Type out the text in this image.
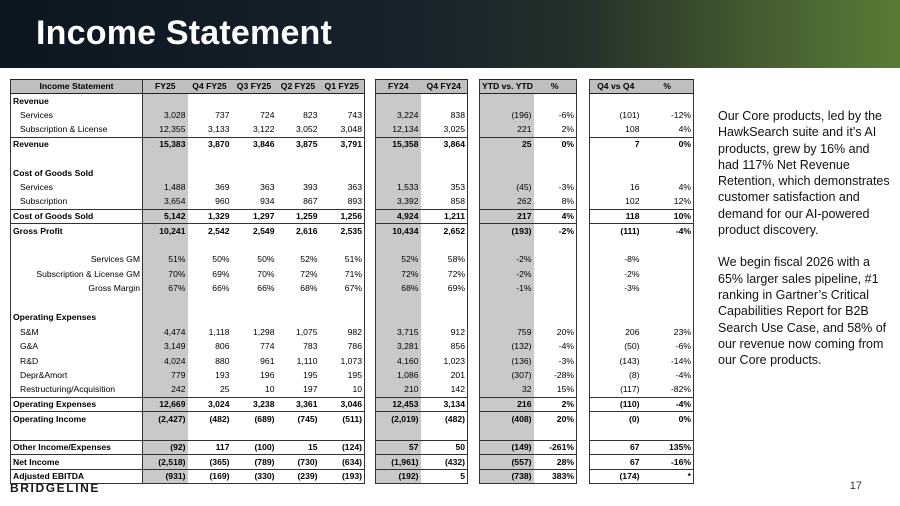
Income Statement
Income Statement	FY25	Q4 FY25	Q3 FY25	Q2 FY25	Q1 FY25		FY24	Q4 FY24		YTD vs. YTD	%		Q4 vs Q4	%
Revenue														
Services	3,028	737	724	823	743		3,224	838		(196)	-6%		(101)	-12%
Subscription & License	12,355	3,133	3,122	3,052	3,048		12,134	3,025		221	2%		108	4%
Revenue	15,383	3,870	3,846	3,875	3,791		15,358	3,864		25	0%		7	0%

Cost of Goods Sold														
Services	1,488	369	363	393	363		1,533	353		(45)	-3%		16	4%
Subscription	3,654	960	934	867	893		3,392	858		262	8%		102	12%
Cost of Goods Sold	5,142	1,329	1,297	1,259	1,256		4,924	1,211		217	4%		118	10%
Gross Profit	10,241	2,542	2,549	2,616	2,535		10,434	2,652		(193)	-2%		(111)	-4%

Services GM	51%	50%	50%	52%	51%		52%	58%		-2%			-8%	
Subscription & License GM	70%	69%	70%	72%	71%		72%	72%		-2%			-2%	
Gross Margin	67%	66%	66%	68%	67%		68%	69%		-1%			-3%	

Operating Expenses														
S&M	4,474	1,118	1,298	1,075	982		3,715	912		759	20%		206	23%
G&A	3,149	806	774	783	786		3,281	856		(132)	-4%		(50)	-6%
R&D	4,024	880	961	1,110	1,073		4,160	1,023		(136)	-3%		(143)	-14%
Depr&Amort	779	193	196	195	195		1,086	201		(307)	-28%		(8)	-4%
Restructuring/Acquisition	242	25	10	197	10		210	142		32	15%		(117)	-82%
Operating Expenses	12,669	3,024	3,238	3,361	3,046		12,453	3,134		216	2%		(110)	-4%
Operating Income	(2,427)	(482)	(689)	(745)	(511)		(2,019)	(482)		(408)	20%		(0)	0%

Other Income/Expenses	(92)	117	(100)	15	(124)		57	50		(149)	-261%		67	135%
Net Income	(2,518)	(365)	(789)	(730)	(634)		(1,961)	(432)		(557)	28%		67	-16%
Adjusted EBITDA	(931)	(169)	(330)	(239)	(193)		(192)	5		(738)	383%		(174)	*

Our Core products, led by the HawkSearch suite and it’s AI products, grew by 16% and had 117% Net Revenue Retention, which demonstrates customer satisfaction and demand for our AI-powered product discovery.

We begin fiscal 2026 with a 65% larger sales pipeline, #1 ranking in Gartner’s Critical Capabilities Report for B2B Search Use Case, and 58% of our revenue now coming from our Core products.

BRIDGELINE	17
